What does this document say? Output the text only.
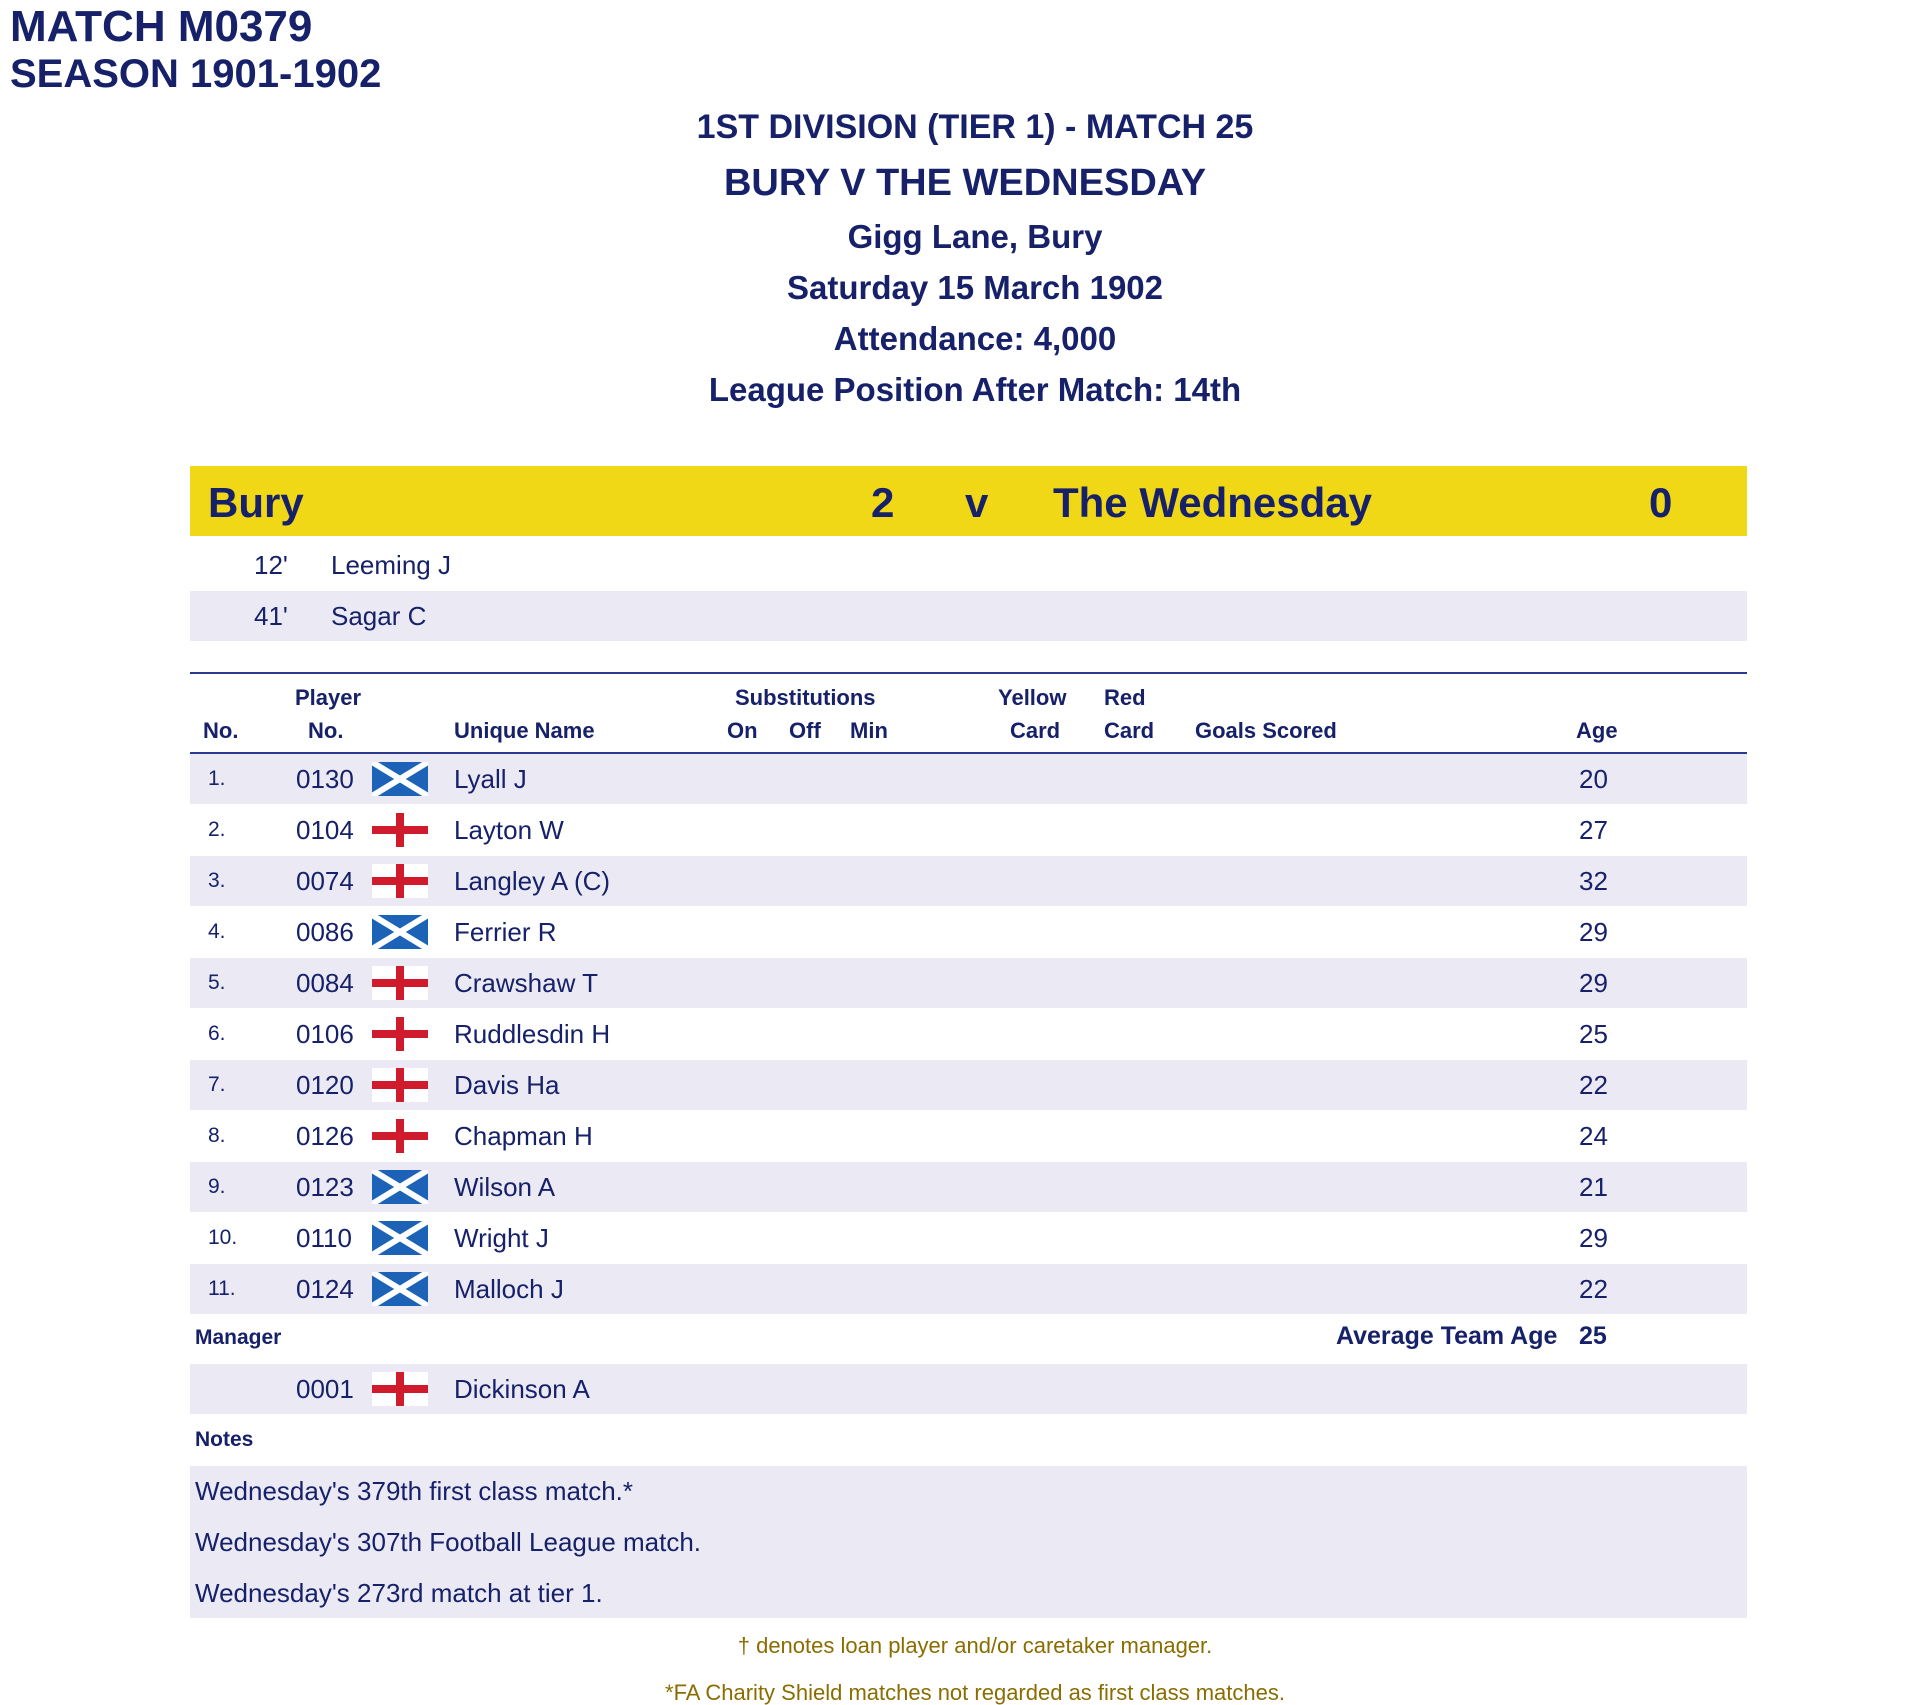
MATCH M0379
SEASON 1901-1902
1ST DIVISION (TIER 1) - MATCH 25
BURY V THE WEDNESDAY
Gigg Lane, Bury
Saturday 15 March 1902
Attendance: 4,000
League Position After Match: 14th
Bury	2 v The Wednesday	0
12' Leeming J
41' Sagar C
Player	Substitutions	Yellow Red
No.	No.	Unique Name	On Off Min	Card Card Goals Scored	Age
1.	0130	Lyall J	20
2.	0104	Layton W	27
3.	0074	Langley A (C)	32
4.	0086	Ferrier R	29
5.	0084	Crawshaw T	29
6.	0106	Ruddlesdin H	25
7.	0120	Davis Ha	22
8.	0126	Chapman H	24
9.	0123	Wilson A	21
10. 0110	Wright J	29
11. 0124	Malloch J	22
Manager	Average Team Age 25
0001	Dickinson A
Notes
Wednesday's 379th first class match.*
Wednesday's 307th Football League match.
Wednesday's 273rd match at tier 1.
† denotes loan player and/or caretaker manager.
*FA Charity Shield matches not regarded as first class matches.
